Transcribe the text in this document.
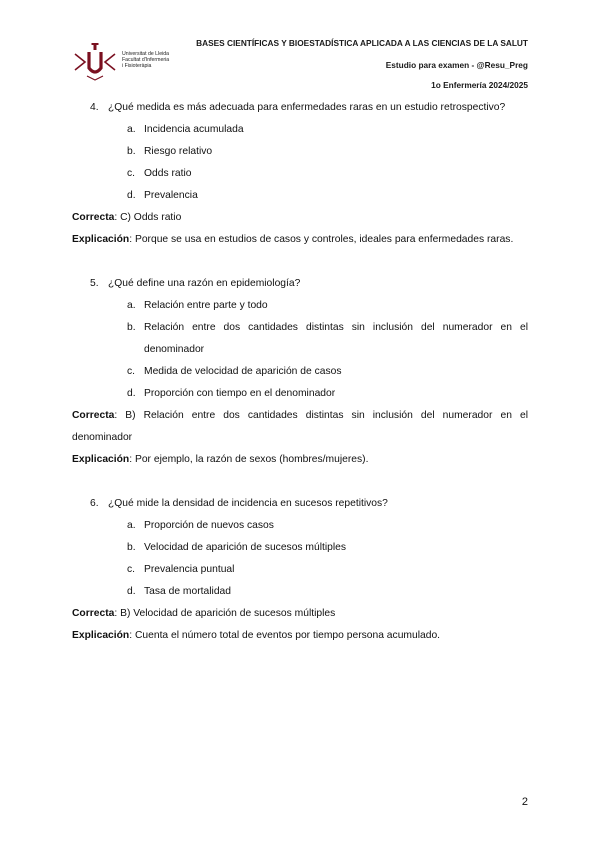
Universitat de Lleida
Facultat d'Infermeria
i Fisioteràpia
BASES CIENTÍFICAS Y BIOESTADÍSTICA APLICADA A LAS CIENCIAS DE LA SALUT
Estudio para examen - @Resu_Preg
1o Enfermería 2024/2025
4. ¿Qué medida es más adecuada para enfermedades raras en un estudio retrospectivo?
a. Incidencia acumulada
b. Riesgo relativo
c. Odds ratio
d. Prevalencia
Correcta: C) Odds ratio
Explicación: Porque se usa en estudios de casos y controles, ideales para enfermedades raras.
5. ¿Qué define una razón en epidemiología?
a. Relación entre parte y todo
b. Relación entre dos cantidades distintas sin inclusión del numerador en el denominador
c. Medida de velocidad de aparición de casos
d. Proporción con tiempo en el denominador
Correcta: B) Relación entre dos cantidades distintas sin inclusión del numerador en el denominador
Explicación: Por ejemplo, la razón de sexos (hombres/mujeres).
6. ¿Qué mide la densidad de incidencia en sucesos repetitivos?
a. Proporción de nuevos casos
b. Velocidad de aparición de sucesos múltiples
c. Prevalencia puntual
d. Tasa de mortalidad
Correcta: B) Velocidad de aparición de sucesos múltiples
Explicación: Cuenta el número total de eventos por tiempo persona acumulado.
2
